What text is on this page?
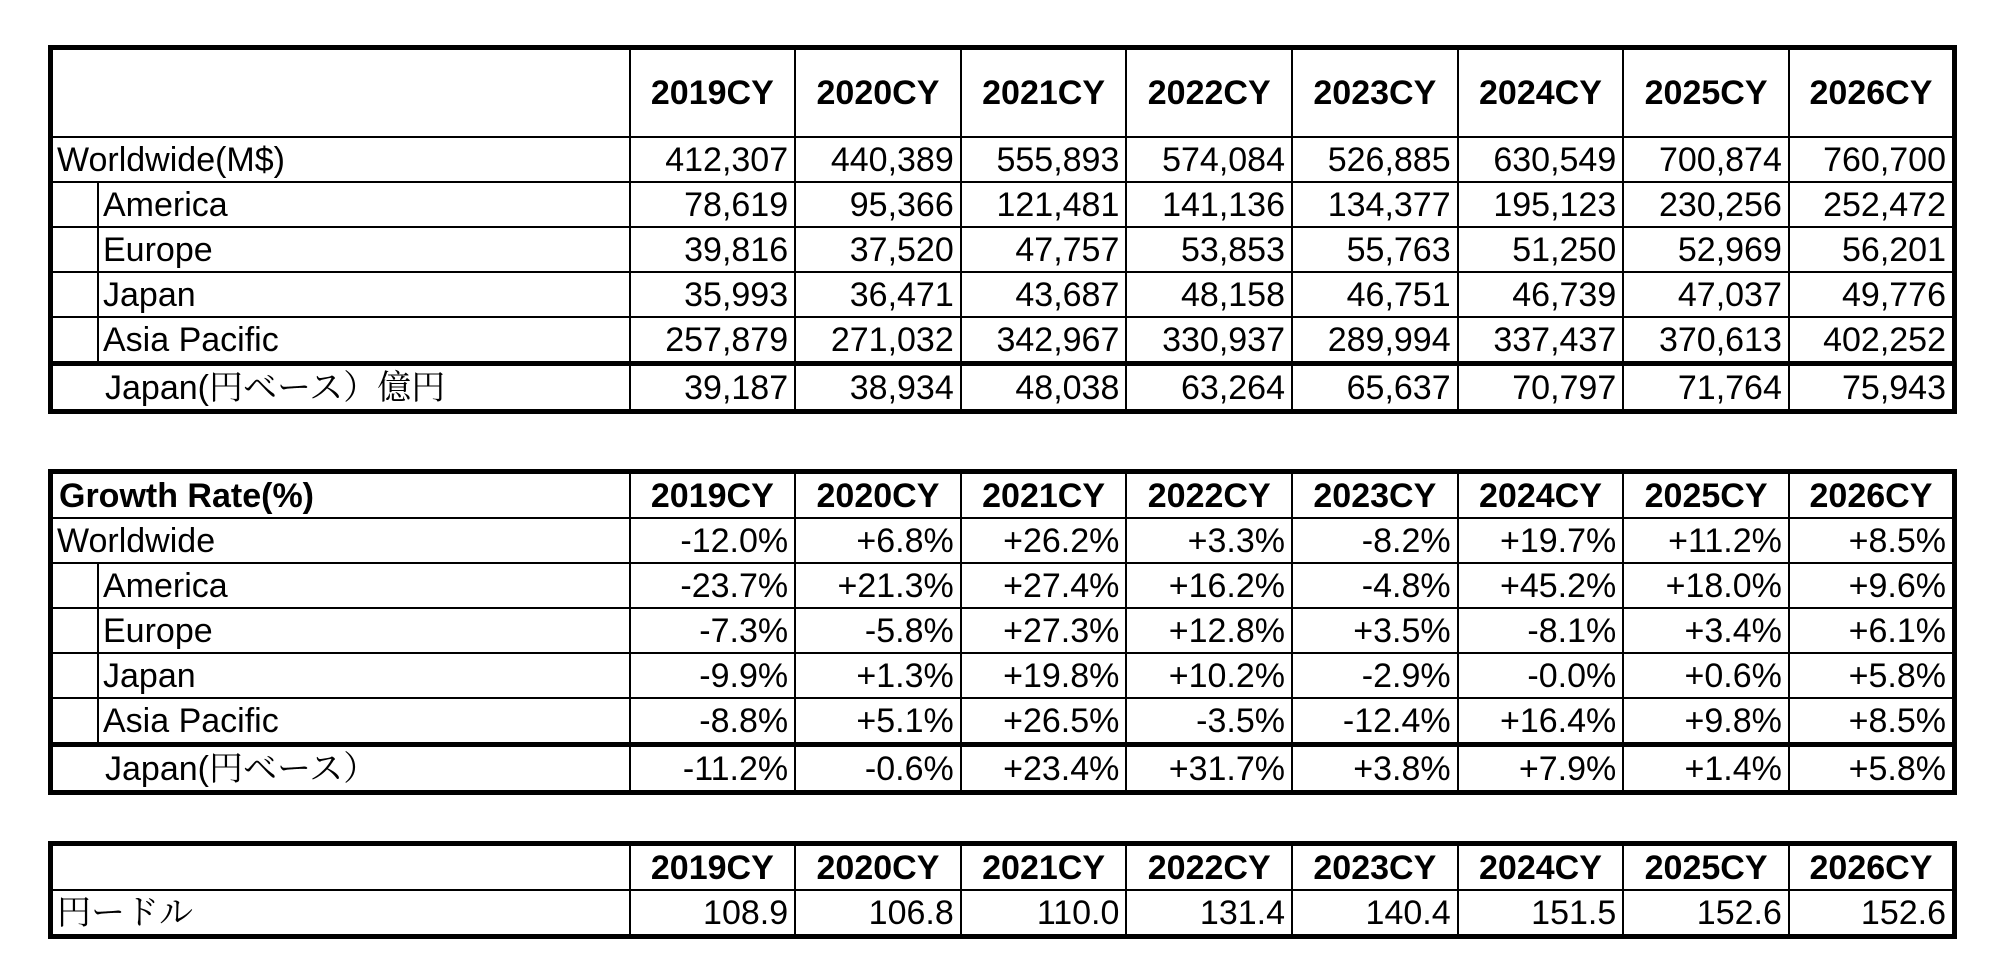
	2019CY	2020CY	2021CY	2022CY	2023CY	2024CY	2025CY	2026CY
Worldwide(M$)	412,307	440,389	555,893	574,084	526,885	630,549	700,874	760,700

America	78,619	95,366	121,481	141,136	134,377	195,123	230,256	252,472

Europe	39,816	37,520	47,757	53,853	55,763	51,250	52,969	56,201

Japan	35,993	36,471	43,687	48,158	46,751	46,739	47,037	49,776

Asia Pacific	257,879	271,032	342,967	330,937	289,994	337,437	370,613	402,252
Japan(円ベース）億円	39,187	38,934	48,038	63,264	65,637	70,797	71,764	75,943
Growth Rate(%)	2019CY	2020CY	2021CY	2022CY	2023CY	2024CY	2025CY	2026CY
Worldwide	-12.0%	+6.8%	+26.2%	+3.3%	-8.2%	+19.7%	+11.2%	+8.5%

America	-23.7%	+21.3%	+27.4%	+16.2%	-4.8%	+45.2%	+18.0%	+9.6%

Europe	-7.3%	-5.8%	+27.3%	+12.8%	+3.5%	-8.1%	+3.4%	+6.1%

Japan	-9.9%	+1.3%	+19.8%	+10.2%	-2.9%	-0.0%	+0.6%	+5.8%

Asia Pacific	-8.8%	+5.1%	+26.5%	-3.5%	-12.4%	+16.4%	+9.8%	+8.5%
Japan(円ベース）	-11.2%	-0.6%	+23.4%	+31.7%	+3.8%	+7.9%	+1.4%	+5.8%
	2019CY	2020CY	2021CY	2022CY	2023CY	2024CY	2025CY	2026CY
円ードル	108.9	106.8	110.0	131.4	140.4	151.5	152.6	152.6
